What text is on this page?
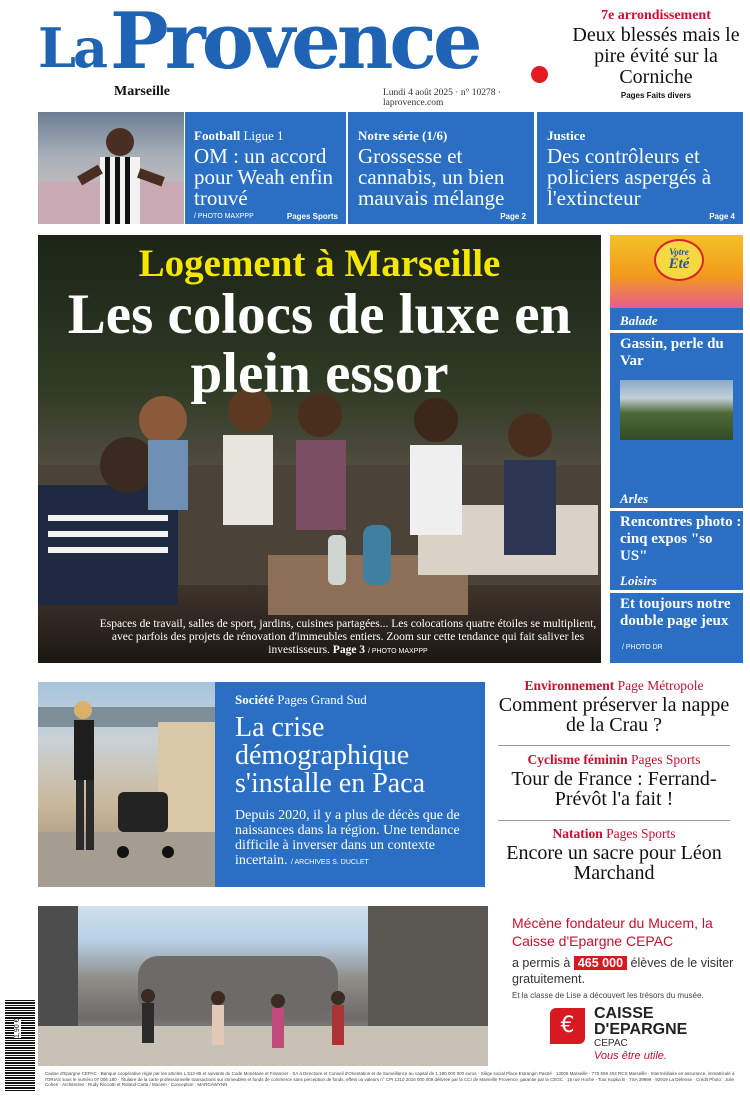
La Provence
Marseille	Lundi 4 août 2025 · n° 10278 · laprovence.com
7e arrondissement
Deux blessés mais le pire évité sur la Corniche
Pages Faits divers
Football Ligue 1
OM : un accord pour Weah enfin trouvé
/ PHOTO MAXPPP	Pages Sports
Notre série (1/6)
Grossesse et cannabis, un bien mauvais mélange
Page 2
Justice
Des contrôleurs et policiers aspergés à l'extincteur
Page 4
Logement à Marseille
Les colocs de luxe en plein essor
Espaces de travail, salles de sport, jardins, cuisines partagées... Les colocations quatre étoiles se multiplient, avec parfois des projets de rénovation d'immeubles entiers. Zoom sur cette tendance qui fait saliver les investisseurs. Page 3 / PHOTO MAXPPP
Votre
Été
Balade
Gassin, perle du Var
Arles
Rencontres photo : cinq expos "so US"
Loisirs
Et toujours notre double page jeux
/ PHOTO DR
Société Pages Grand Sud
La crise démographique s'installe en Paca
Depuis 2020, il y a plus de décès que de naissances dans la région. Une tendance difficile à inverser dans un contexte incertain. / ARCHIVES S. DUCLET
Environnement Page Métropole
Comment préserver la nappe de la Crau ?
Cyclisme féminin Pages Sports
Tour de France : Ferrand-Prévôt l'a fait !
Natation Pages Sports
Encore un sacre pour Léon Marchand
Mécène fondateur du Mucem, la Caisse d'Epargne CEPAC
a permis à 465 000 élèves de le visiter gratuitement.
Et la classe de Lise a découvert les trésors du musée.
€	CAISSE D'EPARGNE
CEPAC
Vous être utile.
1,90 €
Caisse d'Epargne CEPAC · Banque coopérative régie par les articles L.512-85 et suivants du Code Monétaire et Financier · SA à Directoire et Conseil d'Orientation et de Surveillance au capital de 1 180 000 000 euros · Siège social Place Estrangin Pastré · 13006 Marseille · 775 559 404 RCS Marseille · Intermédiaire en assurance, immatriculé à l'ORIAS sous le numéro 07 006 180 · Titulaire de la carte professionnelle transactions sur immeubles et fonds de commerce sans perception de fonds, effets ou valeurs n° CPI 1310 2016 000 009 délivrée par la CCI de Marseille Provence, garantie par la CEGC · 16 rue Hoche · Tour Kupka B · TSA 39999 · 92919 La Défense · Crédit Photo : Julie Cohen · Architectes : Rudy Ricciotti et Roland Carta / Mucem · Conception : MARGAWYNN
